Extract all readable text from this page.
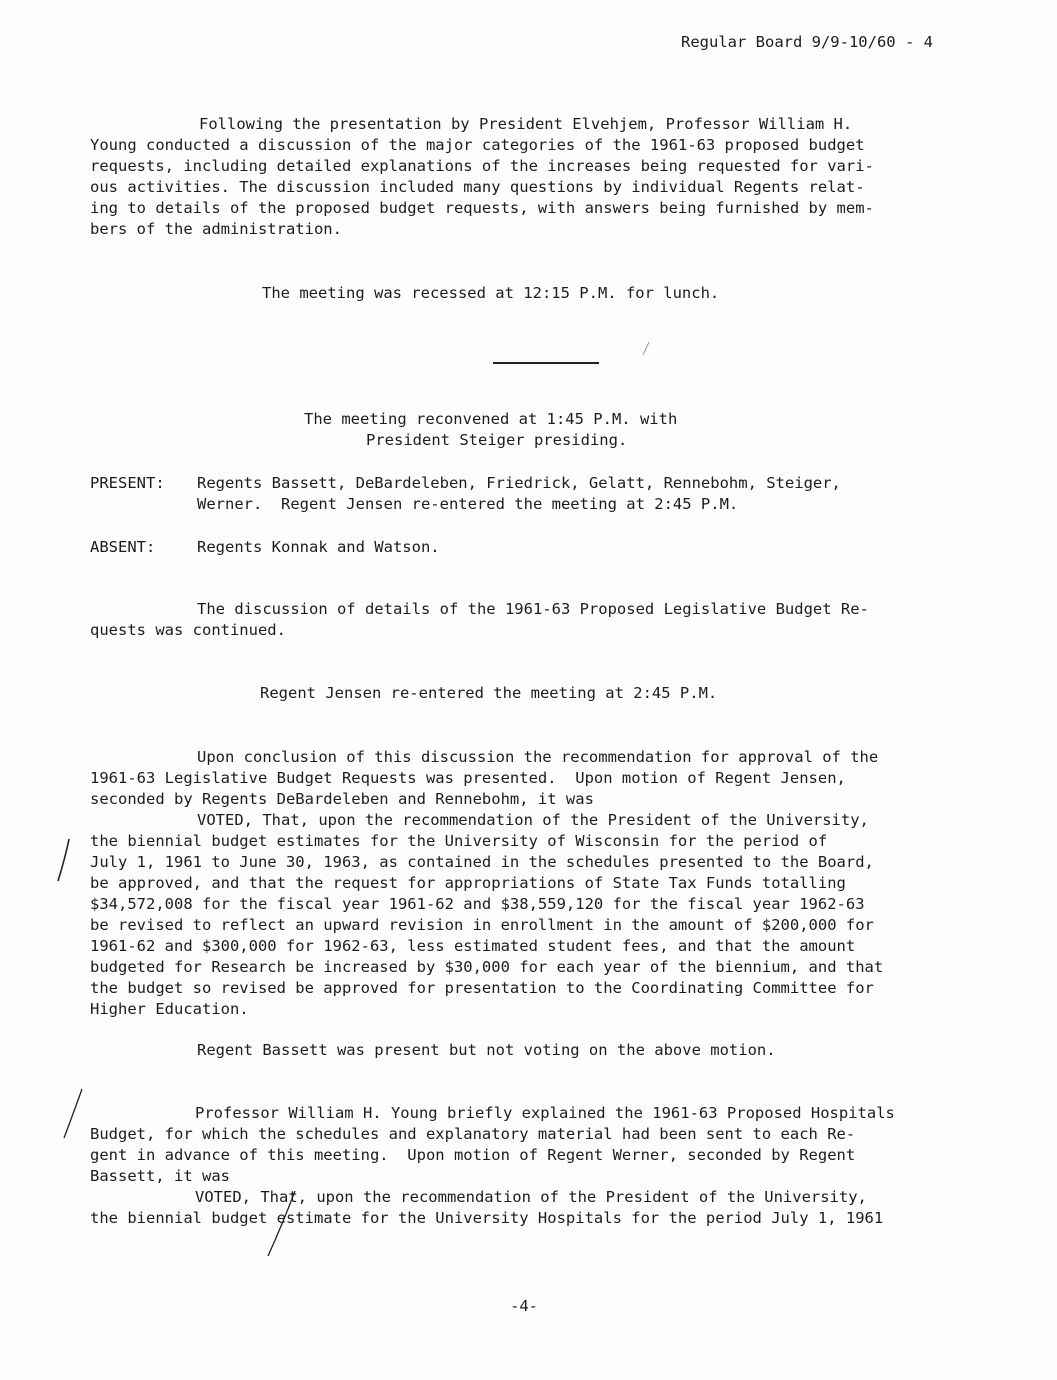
Regular Board 9/9-10/60 - 4
Following the presentation by President Elvehjem, Professor William H.
Young conducted a discussion of the major categories of the 1961-63 proposed budget
requests, including detailed explanations of the increases being requested for vari-
ous activities. The discussion included many questions by individual Regents relat-
ing to details of the proposed budget requests, with answers being furnished by mem-
bers of the administration.
The meeting was recessed at 12:15 P.M. for lunch.
The meeting reconvened at 1:45 P.M. with
President Steiger presiding.
PRESENT: Regents Bassett, DeBardeleben, Friedrick, Gelatt, Rennebohm, Steiger,
Werner.  Regent Jensen re-entered the meeting at 2:45 P.M.
ABSENT:	Regents Konnak and Watson.
The discussion of details of the 1961-63 Proposed Legislative Budget Re-
quests was continued.
Regent Jensen re-entered the meeting at 2:45 P.M.
Upon conclusion of this discussion the recommendation for approval of the
1961-63 Legislative Budget Requests was presented.  Upon motion of Regent Jensen,
seconded by Regents DeBardeleben and Rennebohm, it was
VOTED, That, upon the recommendation of the President of the University,
the biennial budget estimates for the University of Wisconsin for the period of
July 1, 1961 to June 30, 1963, as contained in the schedules presented to the Board,
be approved, and that the request for appropriations of State Tax Funds totalling
$34,572,008 for the fiscal year 1961-62 and $38,559,120 for the fiscal year 1962-63
be revised to reflect an upward revision in enrollment in the amount of $200,000 for
1961-62 and $300,000 for 1962-63, less estimated student fees, and that the amount
budgeted for Research be increased by $30,000 for each year of the biennium, and that
the budget so revised be approved for presentation to the Coordinating Committee for
Higher Education.
Regent Bassett was present but not voting on the above motion.
Professor William H. Young briefly explained the 1961-63 Proposed Hospitals
Budget, for which the schedules and explanatory material had been sent to each Re-
gent in advance of this meeting.  Upon motion of Regent Werner, seconded by Regent
Bassett, it was
VOTED, That, upon the recommendation of the President of the University,
the biennial budget estimate for the University Hospitals for the period July 1, 1961
-4-
